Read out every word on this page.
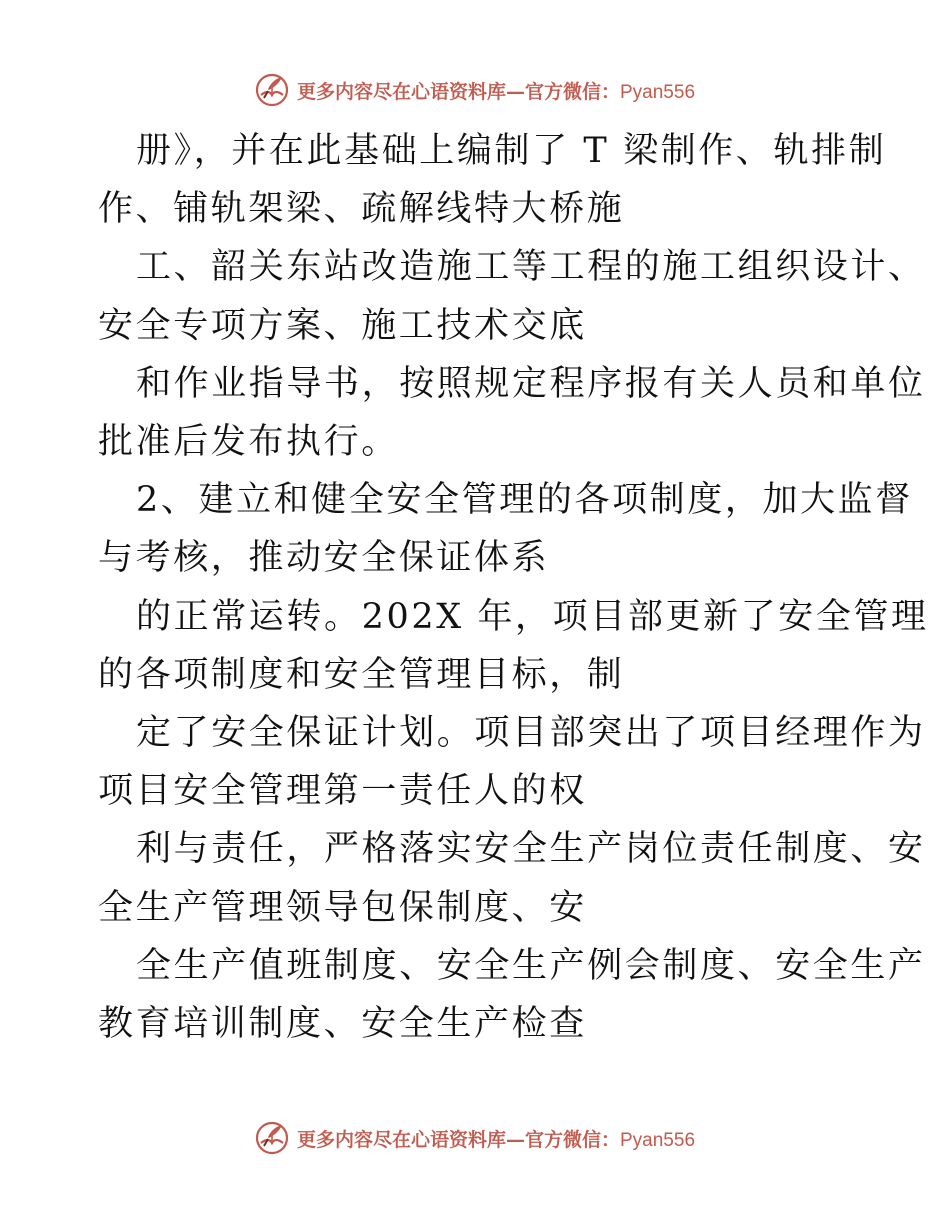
更多内容尽在心语资料库—官方微信：Pyan556
册》，并在此基础上编制了 T 梁制作、轨排制
作、铺轨架梁、疏解线特大桥施
工、韶关东站改造施工等工程的施工组织设计、
安全专项方案、施工技术交底
和作业指导书，按照规定程序报有关人员和单位
批准后发布执行。
2、建立和健全安全管理的各项制度，加大监督
与考核，推动安全保证体系
的正常运转。202X 年，项目部更新了安全管理
的各项制度和安全管理目标，制
定了安全保证计划。项目部突出了项目经理作为
项目安全管理第一责任人的权
利与责任，严格落实安全生产岗位责任制度、安
全生产管理领导包保制度、安
全生产值班制度、安全生产例会制度、安全生产
教育培训制度、安全生产检查
更多内容尽在心语资料库—官方微信：Pyan556
